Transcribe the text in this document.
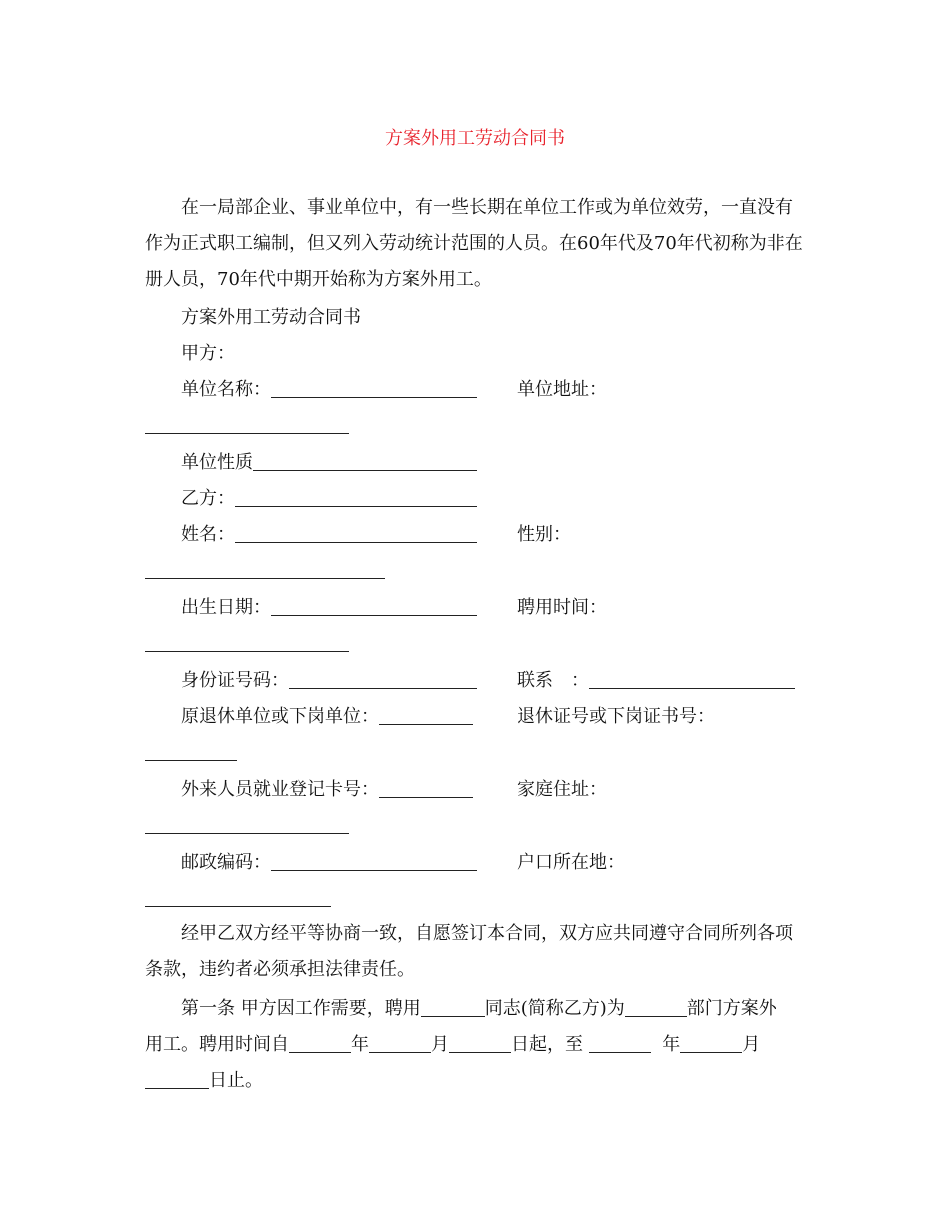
方案外用工劳动合同书

在一局部企业、事业单位中，有一些长期在单位工作或为单位效劳，一直没有作为正式职工编制，但又列入劳动统计范围的人员。在60年代及70年代初称为非在册人员，70年代中期开始称为方案外用工。

方案外用工劳动合同书
甲方：
单位名称：	单位地址：
单位性质
乙方：
姓名：	性别：
出生日期：	聘用时间：
身份证号码：	联系　：
原退休单位或下岗单位：	退休证号或下岗证书号：
外来人员就业登记卡号：	家庭住址：
邮政编码：	户口所在地：

经甲乙双方经平等协商一致，自愿签订本合同，双方应共同遵守合同所列各项条款，违约者必须承担法律责任。

第一条 甲方因工作需要，聘用	同志(简称乙方)为	部门方案外
用工。聘用时间自	年	月	日起，至	年	月
日止。
